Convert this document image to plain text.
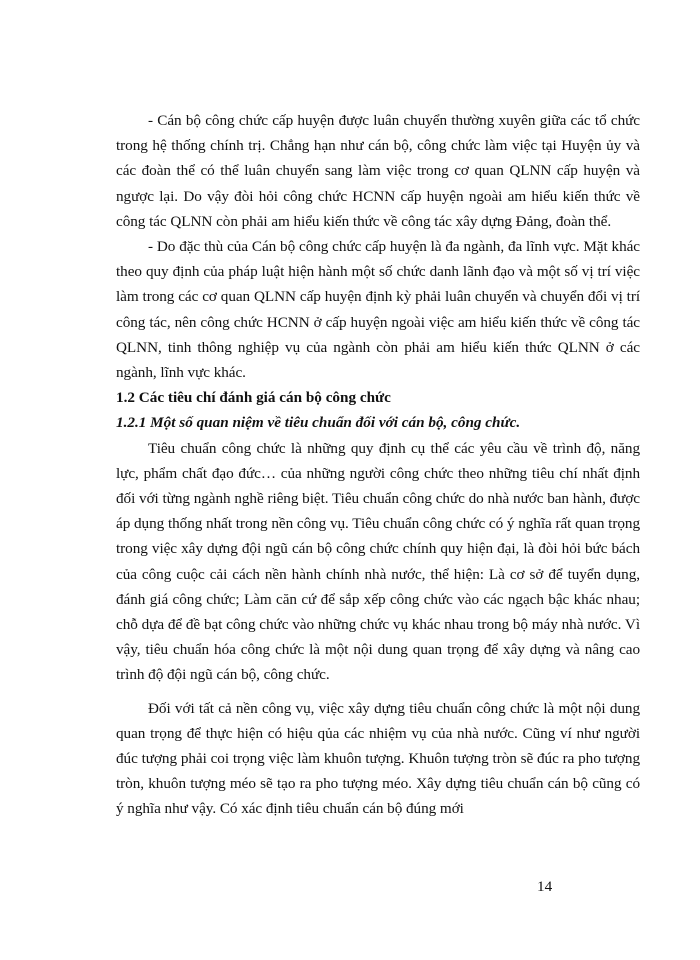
- Cán bộ công chức cấp huyện được luân chuyển thường xuyên giữa các tổ chức trong hệ thống chính trị. Chẳng hạn như cán bộ, công chức làm việc tại Huyện ủy và các đoàn thể có thể luân chuyển sang làm việc trong cơ quan QLNN cấp huyện và ngược lại. Do vậy đòi hỏi công chức HCNN cấp huyện ngoài am hiểu kiến thức về công tác QLNN còn phải am hiểu kiến thức về công tác xây dựng Đảng, đoàn thể.

- Do đặc thù của Cán bộ công chức cấp huyện là đa ngành, đa lĩnh vực. Mặt khác theo quy định của pháp luật hiện hành một số chức danh lãnh đạo và một số vị trí việc làm trong các cơ quan QLNN cấp huyện định kỳ phải luân chuyển và chuyển đổi vị trí công tác, nên công chức HCNN ở cấp huyện ngoài việc am hiểu kiến thức về công tác QLNN, tinh thông nghiệp vụ của ngành còn phải am hiểu kiến thức QLNN ở các ngành, lĩnh vực khác.

1.2 Các tiêu chí đánh giá cán bộ công chức

1.2.1 Một số quan niệm về tiêu chuẩn đối với cán bộ, công chức.

Tiêu chuẩn công chức là những quy định cụ thể các yêu cầu về trình độ, năng lực, phẩm chất đạo đức… của những người công chức theo những tiêu chí nhất định đối với từng ngành nghề riêng biệt. Tiêu chuẩn công chức do nhà nước ban hành, được áp dụng thống nhất trong nền công vụ. Tiêu chuẩn công chức có ý nghĩa rất quan trọng trong việc xây dựng đội ngũ cán bộ công chức chính quy hiện đại, là đòi hỏi bức bách của công cuộc cải cách nền hành chính nhà nước, thể hiện: Là cơ sở để tuyển dụng, đánh giá công chức; Làm căn cứ để sắp xếp công chức vào các ngạch bậc khác nhau; chỗ dựa để đề bạt công chức vào những chức vụ khác nhau trong bộ máy nhà nước. Vì vậy, tiêu chuẩn hóa công chức là một nội dung quan trọng để xây dựng và nâng cao trình độ đội ngũ cán bộ, công chức.

Đối với tất cả nền công vụ, việc xây dựng tiêu chuẩn công chức là một nội dung quan trọng để thực hiện có hiệu qủa các nhiệm vụ của nhà nước. Cũng ví như người đúc tượng phải coi trọng việc làm khuôn tượng. Khuôn tượng tròn sẽ đúc ra pho tượng tròn, khuôn tượng méo sẽ tạo ra pho tượng méo. Xây dựng tiêu chuẩn cán bộ cũng có ý nghĩa như vậy. Có xác định tiêu chuẩn cán bộ đúng mới

14
